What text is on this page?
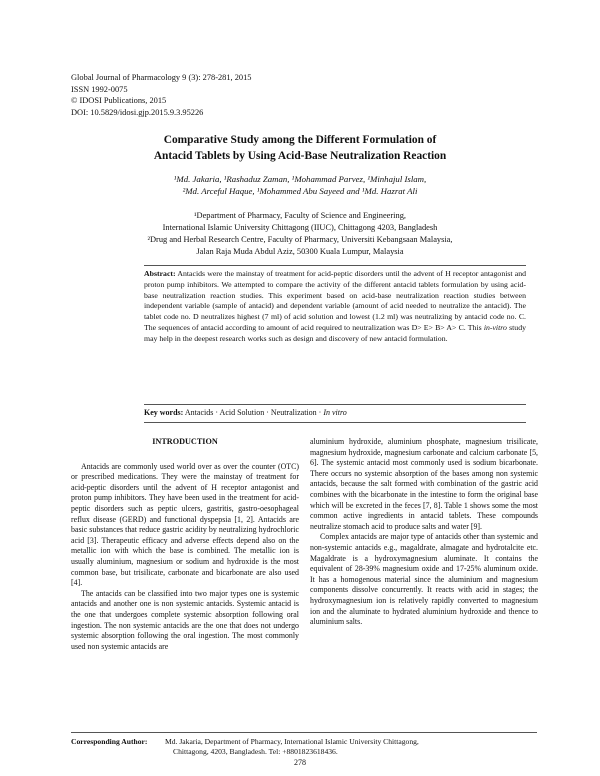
Global Journal of Pharmacology 9 (3): 278-281, 2015
ISSN 1992-0075
© IDOSI Publications, 2015
DOI: 10.5829/idosi.gjp.2015.9.3.95226
Comparative Study among the Different Formulation of
Antacid Tablets by Using Acid-Base Neutralization Reaction
¹Md. Jakaria, ¹Rashaduz Zaman, ¹Mohammad Parvez, ¹Minhajul Islam,
²Md. Arceful Haque, ¹Mohammed Abu Sayeed and ¹Md. Hazrat Ali
¹Department of Pharmacy, Faculty of Science and Engineering,
International Islamic University Chittagong (IIUC), Chittagong 4203, Bangladesh
²Drug and Herbal Research Centre, Faculty of Pharmacy, Universiti Kebangsaan Malaysia,
Jalan Raja Muda Abdul Aziz, 50300 Kuala Lumpur, Malaysia
Abstract: Antacids were the mainstay of treatment for acid-peptic disorders until the advent of H receptor antagonist and proton pump inhibitors. We attempted to compare the activity of the different antacid tablets formulation by using acid-base neutralization reaction studies. This experiment based on acid-base neutralization reaction studies between independent variable (sample of antacid) and dependent variable (amount of acid needed to neutralize the antacid). The tablet code no. D neutralizes highest (7 ml) of acid solution and lowest (1.2 ml) was neutralizing by antacid code no. C. The sequences of antacid according to amount of acid required to neutralization was D> E> B> A> C. This in-vitro study may help in the deepest research works such as design and discovery of new antacid formulation.
Key words: Antacids · Acid Solution · Neutralization · In vitro
INTRODUCTION

Antacids are commonly used world over as over the counter (OTC) or prescribed medications. They were the mainstay of treatment for acid-peptic disorders until the advent of H receptor antagonist and proton pump inhibitors. They have been used in the treatment for acid-peptic disorders such as peptic ulcers, gastritis, gastro-oesophageal reflux disease (GERD) and functional dyspepsia [1, 2]. Antacids are basic substances that reduce gastric acidity by neutralizing hydrochloric acid [3]. Therapeutic efficacy and adverse effects depend also on the metallic ion with which the base is combined. The metallic ion is usually aluminium, magnesium or sodium and hydroxide is the most common base, but trisilicate, carbonate and bicarbonate are also used [4].

The antacids can be classified into two major types one is systemic antacids and another one is non systemic antacids. Systemic antacid is the one that undergoes complete systemic absorption following oral ingestion. The non systemic antacids are the one that does not undergo systemic absorption following the oral ingestion. The most commonly used non systemic antacids are

aluminium hydroxide, aluminium phosphate, magnesium trisilicate, magnesium hydroxide, magnesium carbonate and calcium carbonate [5, 6]. The systemic antacid most commonly used is sodium bicarbonate. There occurs no systemic absorption of the bases among non systemic antacids, because the salt formed with combination of the gastric acid combines with the bicarbonate in the intestine to form the original base which will be excreted in the feces [7, 8]. Table 1 shows some the most common active ingredients in antacid tablets. These compounds neutralize stomach acid to produce salts and water [9].

Complex antacids are major type of antacids other than systemic and non-systemic antacids e.g., magaldrate, almagate and hydrotalcite etc. Magaldrate is a hydroxymagnesium aluminate. It contains the equivalent of 28-39% magnesium oxide and 17-25% aluminum oxide. It has a homogenous material since the aluminium and magnesium components dissolve concurrently. It reacts with acid in stages; the hydroxymagnesium ion is relatively rapidly converted to magnesium ion and the aluminate to hydrated aluminium hydroxide and thence to aluminium salts.

Corresponding Author: Md. Jakaria, Department of Pharmacy, International Islamic University Chittagong,
Chittagong, 4203, Bangladesh. Tel: +8801823618436.
278
